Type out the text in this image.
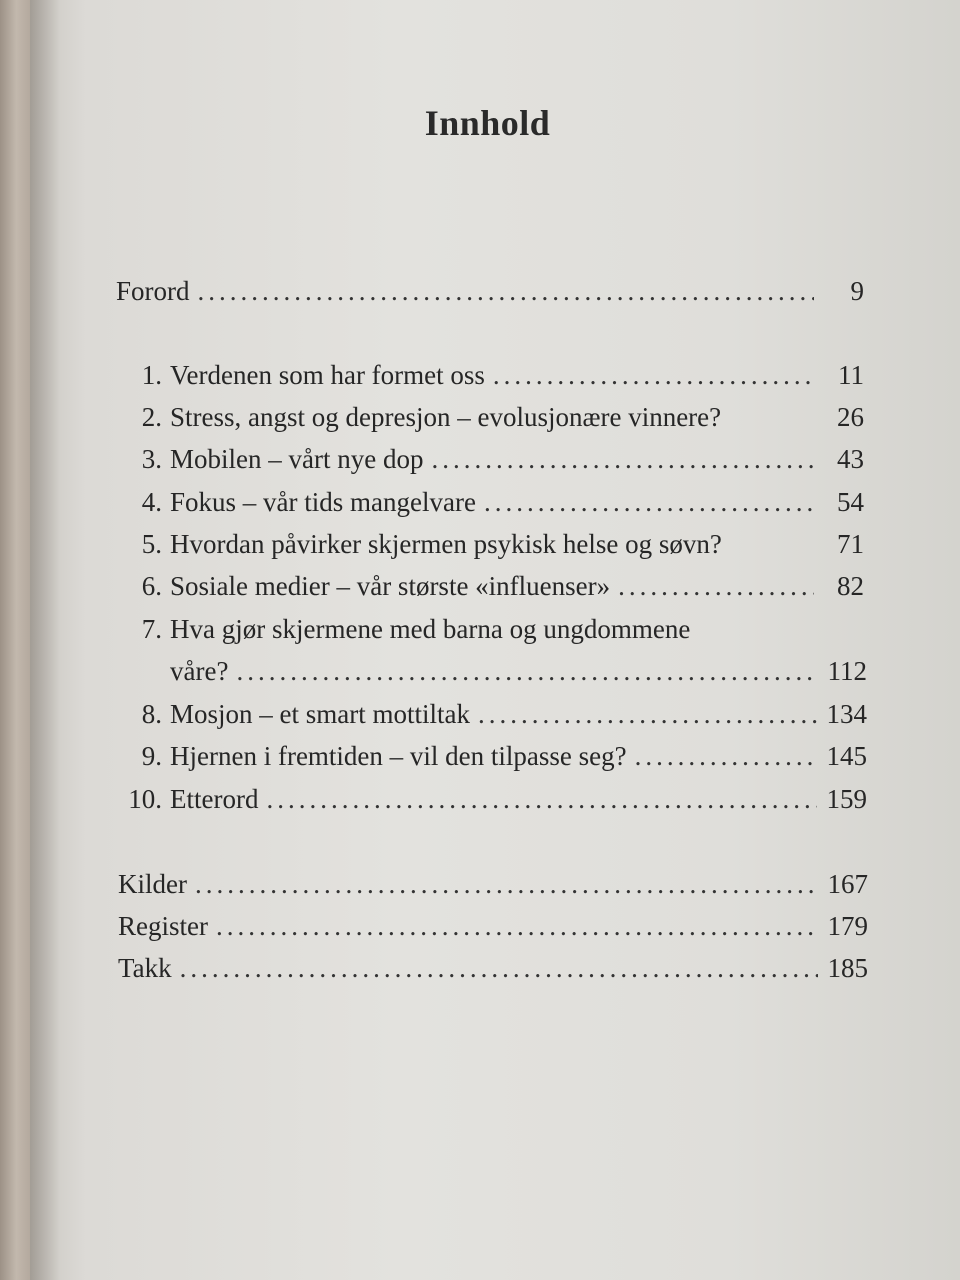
Innhold
Forord .....	9
1. Verdenen som har formet oss .....	11
2. Stress, angst og depresjon – evolusjonære vinnere?	26
3. Mobilen – vårt nye dop .....	43
4. Fokus – vår tids mangelvare .....	54
5. Hvordan påvirker skjermen psykisk helse og søvn?	71
6. Sosiale medier – vår største «influenser» .....	82
7. Hva gjør skjermene med barna og ungdommene
våre? .....	112
8. Mosjon – et smart mottiltak .....	134
9. Hjernen i fremtiden – vil den tilpasse seg? .....	145
10. Etterord .....	159
Kilder .....	167
Register .....	179
Takk .....	185
